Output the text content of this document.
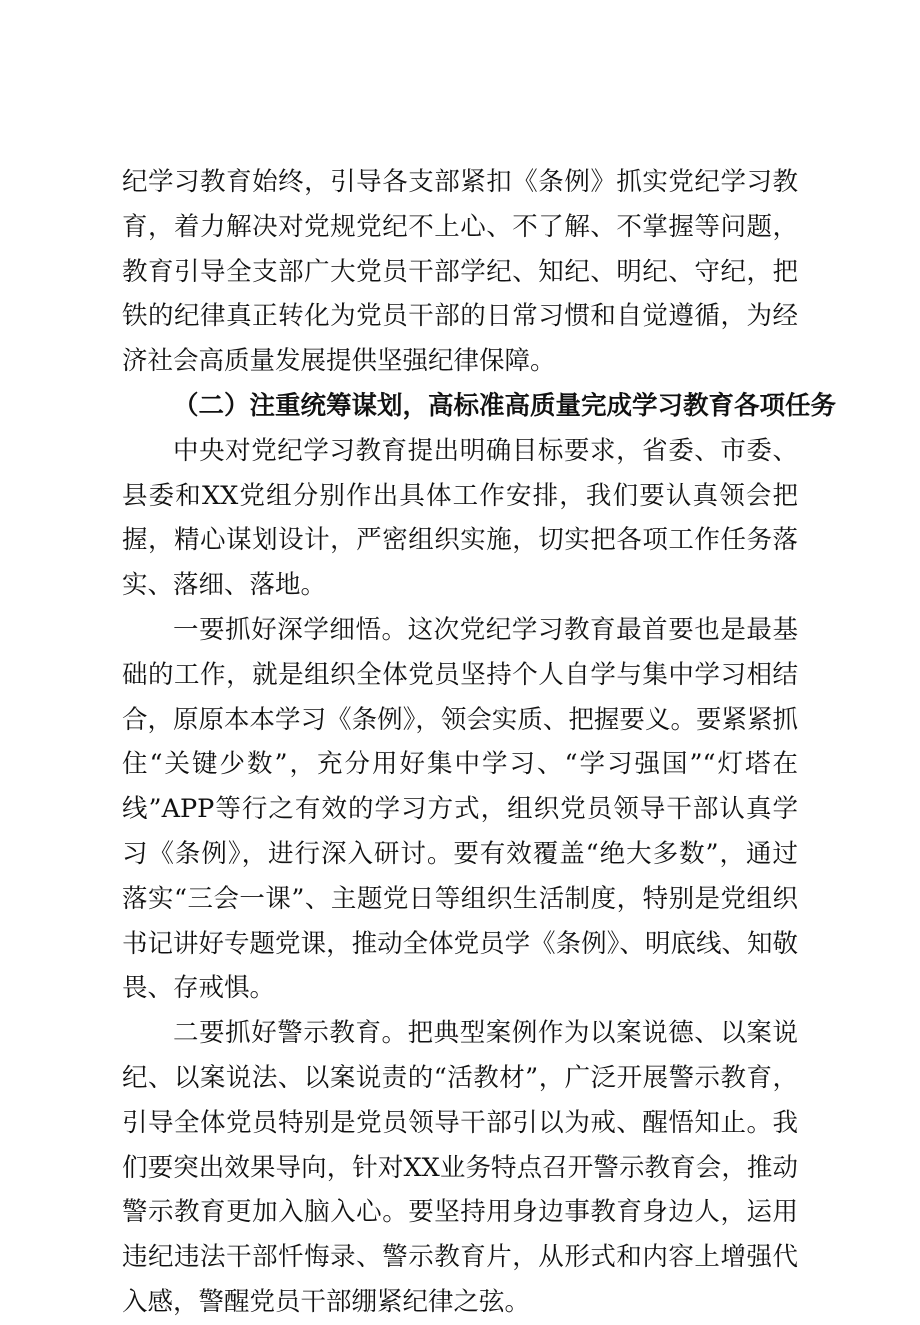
纪学习教育始终，引导各支部紧扣《条例》抓实党纪学习教育，着力解决对党规党纪不上心、不了解、不掌握等问题，教育引导全支部广大党员干部学纪、知纪、明纪、守纪，把铁的纪律真正转化为党员干部的日常习惯和自觉遵循，为经济社会高质量发展提供坚强纪律保障。

（二）注重统筹谋划，高标准高质量完成学习教育各项任务

中央对党纪学习教育提出明确目标要求，省委、市委、县委和XX党组分别作出具体工作安排，我们要认真领会把握，精心谋划设计，严密组织实施，切实把各项工作任务落实、落细、落地。

一要抓好深学细悟。这次党纪学习教育最首要也是最基础的工作，就是组织全体党员坚持个人自学与集中学习相结合，原原本本学习《条例》，领会实质、把握要义。要紧紧抓住“关键少数”，充分用好集中学习、“学习强国”“灯塔在线”APP等行之有效的学习方式，组织党员领导干部认真学习《条例》，进行深入研讨。要有效覆盖“绝大多数”，通过落实“三会一课”、主题党日等组织生活制度，特别是党组织书记讲好专题党课，推动全体党员学《条例》、明底线、知敬畏、存戒惧。

二要抓好警示教育。把典型案例作为以案说德、以案说纪、以案说法、以案说责的“活教材”，广泛开展警示教育，引导全体党员特别是党员领导干部引以为戒、醒悟知止。我们要突出效果导向，针对XX业务特点召开警示教育会，推动警示教育更加入脑入心。要坚持用身边事教育身边人，运用违纪违法干部忏悔录、警示教育片，从形式和内容上增强代入感，警醒党员干部绷紧纪律之弦。
